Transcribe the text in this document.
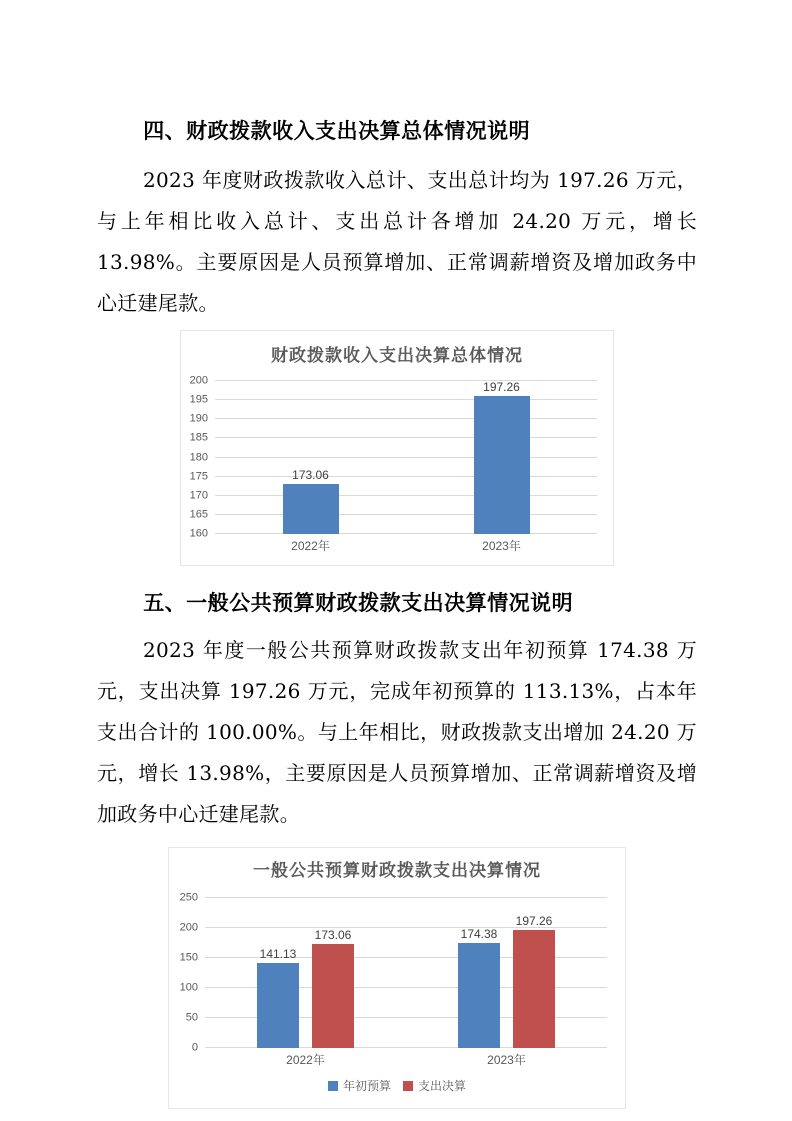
四、财政拨款收入支出决算总体情况说明

2023 年度财政拨款收入总计、支出总计均为 197.26 万元，与上年相比收入总计、支出总计各增加 24.20 万元，增长 13.98%。主要原因是人员预算增加、正常调薪增资及增加政务中心迁建尾款。

财政拨款收入支出决算总体情况
160
165
170
175
180
185
190
195
200
173.06
2022年
197.26
2023年
五、一般公共预算财政拨款支出决算情况说明

2023 年度一般公共预算财政拨款支出年初预算 174.38 万元，支出决算 197.26 万元，完成年初预算的 113.13%，占本年支出合计的 100.00%。与上年相比，财政拨款支出增加 24.20 万元，增长 13.98%，主要原因是人员预算增加、正常调薪增资及增加政务中心迁建尾款。

一般公共预算财政拨款支出决算情况
0
50
100
150
200
250
141.13
173.06
2022年
174.38
197.26
2023年
年初预算 支出决算
